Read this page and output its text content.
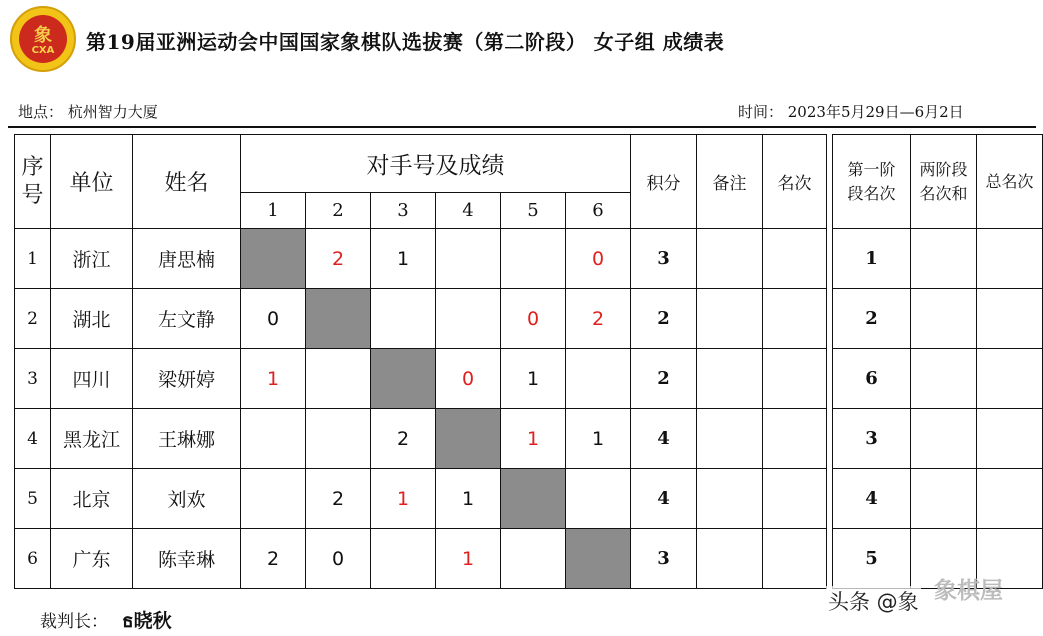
象
CXA	第19届亚洲运动会中国国家象棋队选拔赛（第二阶段） 女子组 成绩表
地点： 杭州智力大厦	时间： 2023年5月29日—6月2日
序号	单位	姓名	对手号及成绩						积分	备注	名次		第一阶段名次	两阶段名次和	总名次
			1	2	3	4	5	6							
1	浙江	唐思楠		2	1			0	3				1		
2	湖北	左文静	0				0	2	2				2		
3	四川	梁妍婷	1			0	1		2				6		
4	黑龙江	王琳娜			2		1	1	4				3		
5	北京	刘欢		2	1	1			4				4		
6	广东	陈幸琳	2	0		1			3				5		
裁判长： ธ晓秋
象棋屋
头条 @象
